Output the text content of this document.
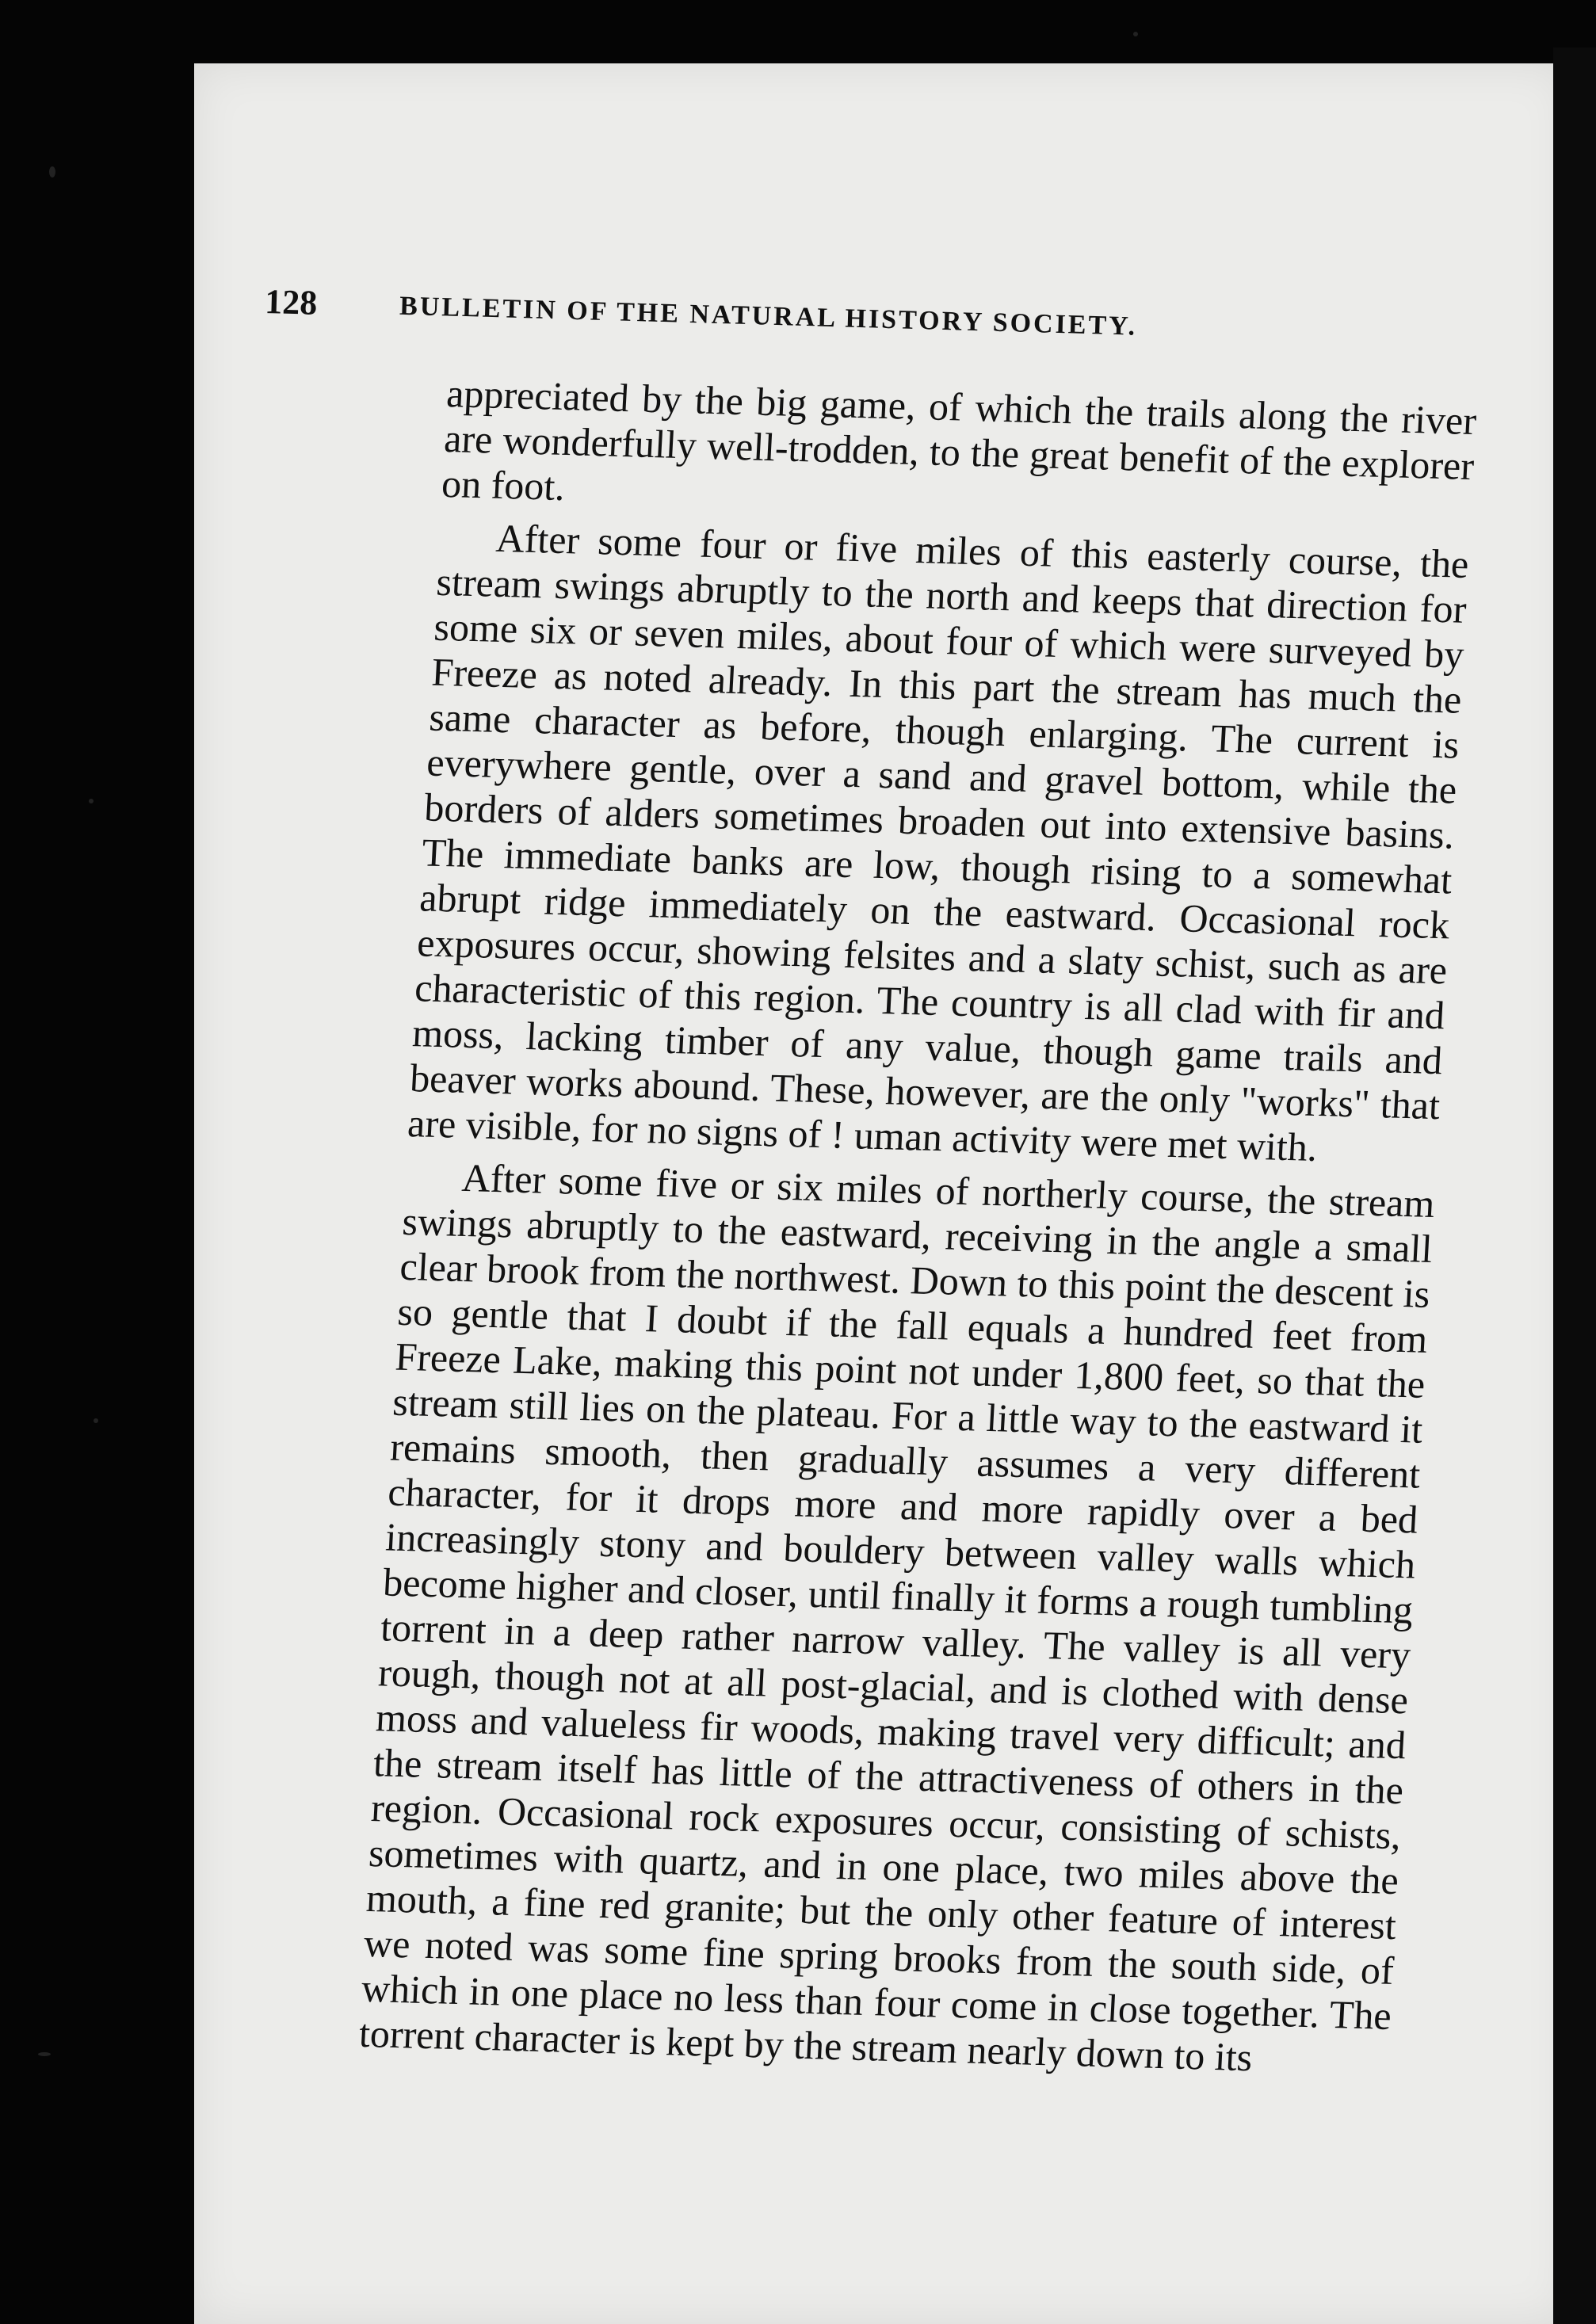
128	BULLETIN OF THE NATURAL HISTORY SOCIETY.

appreciated by the big game, of which the trails along the river are wonderfully well-trodden, to the great benefit of the explorer on foot.

After some four or five miles of this easterly course, the stream swings abruptly to the north and keeps that direction for some six or seven miles, about four of which were surveyed by Freeze as noted already. In this part the stream has much the same character as before, though enlarging. The current is everywhere gentle, over a sand and gravel bottom, while the borders of alders sometimes broaden out into extensive basins. The immediate banks are low, though rising to a somewhat abrupt ridge immediately on the eastward. Occasional rock exposures occur, showing felsites and a slaty schist, such as are characteristic of this region. The country is all clad with fir and moss, lacking timber of any value, though game trails and beaver works abound. These, however, are the only "works" that are visible, for no signs of ! uman activity were met with.

After some five or six miles of northerly course, the stream swings abruptly to the eastward, receiving in the angle a small clear brook from the northwest. Down to this point the descent is so gentle that I doubt if the fall equals a hundred feet from Freeze Lake, making this point not under 1,800 feet, so that the stream still lies on the plateau. For a little way to the eastward it remains smooth, then gradually assumes a very different character, for it drops more and more rapidly over a bed increasingly stony and bouldery between valley walls which become higher and closer, until finally it forms a rough tumbling torrent in a deep rather narrow valley. The valley is all very rough, though not at all post-glacial, and is clothed with dense moss and valueless fir woods, making travel very difficult; and the stream itself has little of the attractiveness of others in the region. Occasional rock exposures occur, consisting of schists, sometimes with quartz, and in one place, two miles above the mouth, a fine red granite; but the only other feature of interest we noted was some fine spring brooks from the south side, of which in one place no less than four come in close together. The torrent character is kept by the stream nearly down to its
